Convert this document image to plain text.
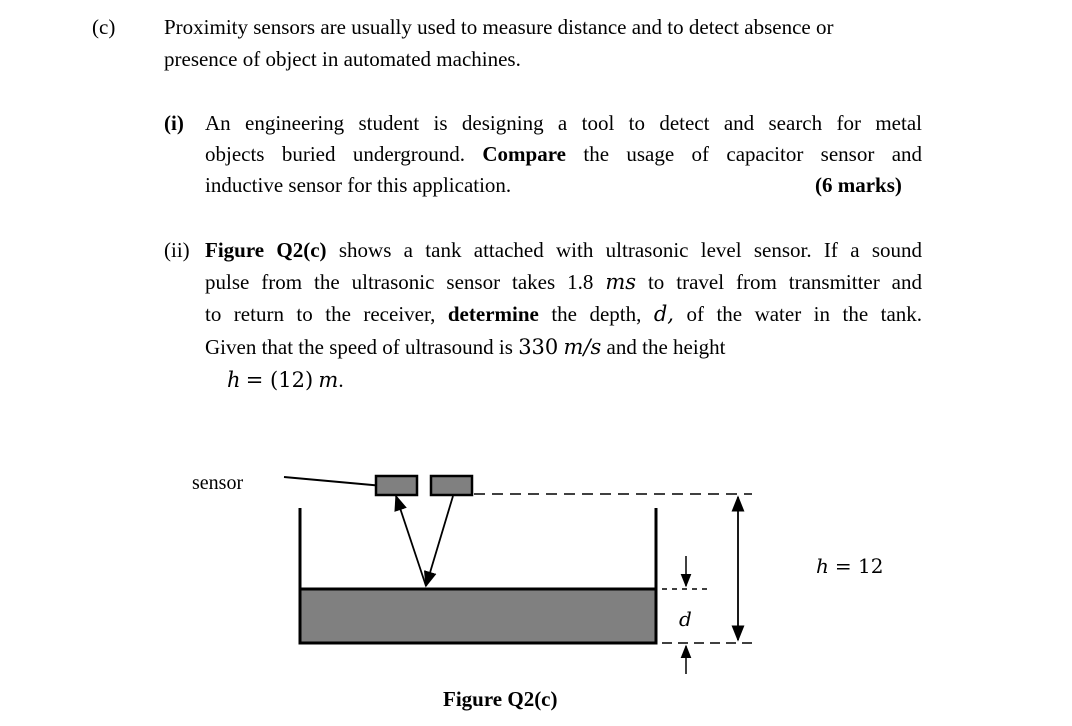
(c) Proximity sensors are usually used to measure distance and to detect absence or
presence of object in automated machines.
(i) An engineering student is designing a tool to detect and search for metal
objects buried underground. Compare the usage of capacitor sensor and
inductive sensor for this application.	(6 marks)
(ii) Figure Q2(c) shows a tank attached with ultrasonic level sensor. If a sound
pulse from the ultrasonic sensor takes 1.8 ms to travel from transmitter and
to return to the receiver, determine the depth, d, of the water in the tank.
Given that the speed of ultrasound is 330 m/s and the height
h = (12) m.
sensor
d
h = 12
Figure Q2(c)
